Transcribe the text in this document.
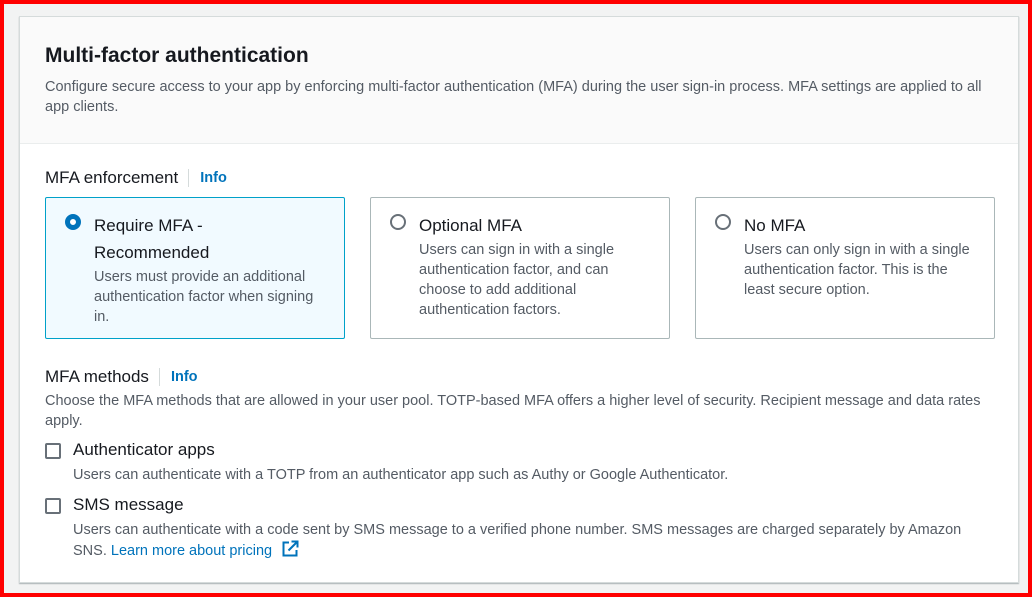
Multi-factor authentication
Configure secure access to your app by enforcing multi-factor authentication (MFA) during the user sign-in process. MFA settings are applied to all app clients.
MFA enforcement	Info
Require MFA -
Recommended
Users must provide an additional authentication factor when signing in.
Optional MFA
Users can sign in with a single authentication factor, and can choose to add additional authentication factors.
No MFA
Users can only sign in with a single authentication factor. This is the least secure option.
MFA methods	Info
Choose the MFA methods that are allowed in your user pool. TOTP-based MFA offers a higher level of security. Recipient message and data rates apply.
Authenticator apps
Users can authenticate with a TOTP from an authenticator app such as Authy or Google Authenticator.
SMS message
Users can authenticate with a code sent by SMS message to a verified phone number. SMS messages are charged separately by Amazon SNS. Learn more about pricing
